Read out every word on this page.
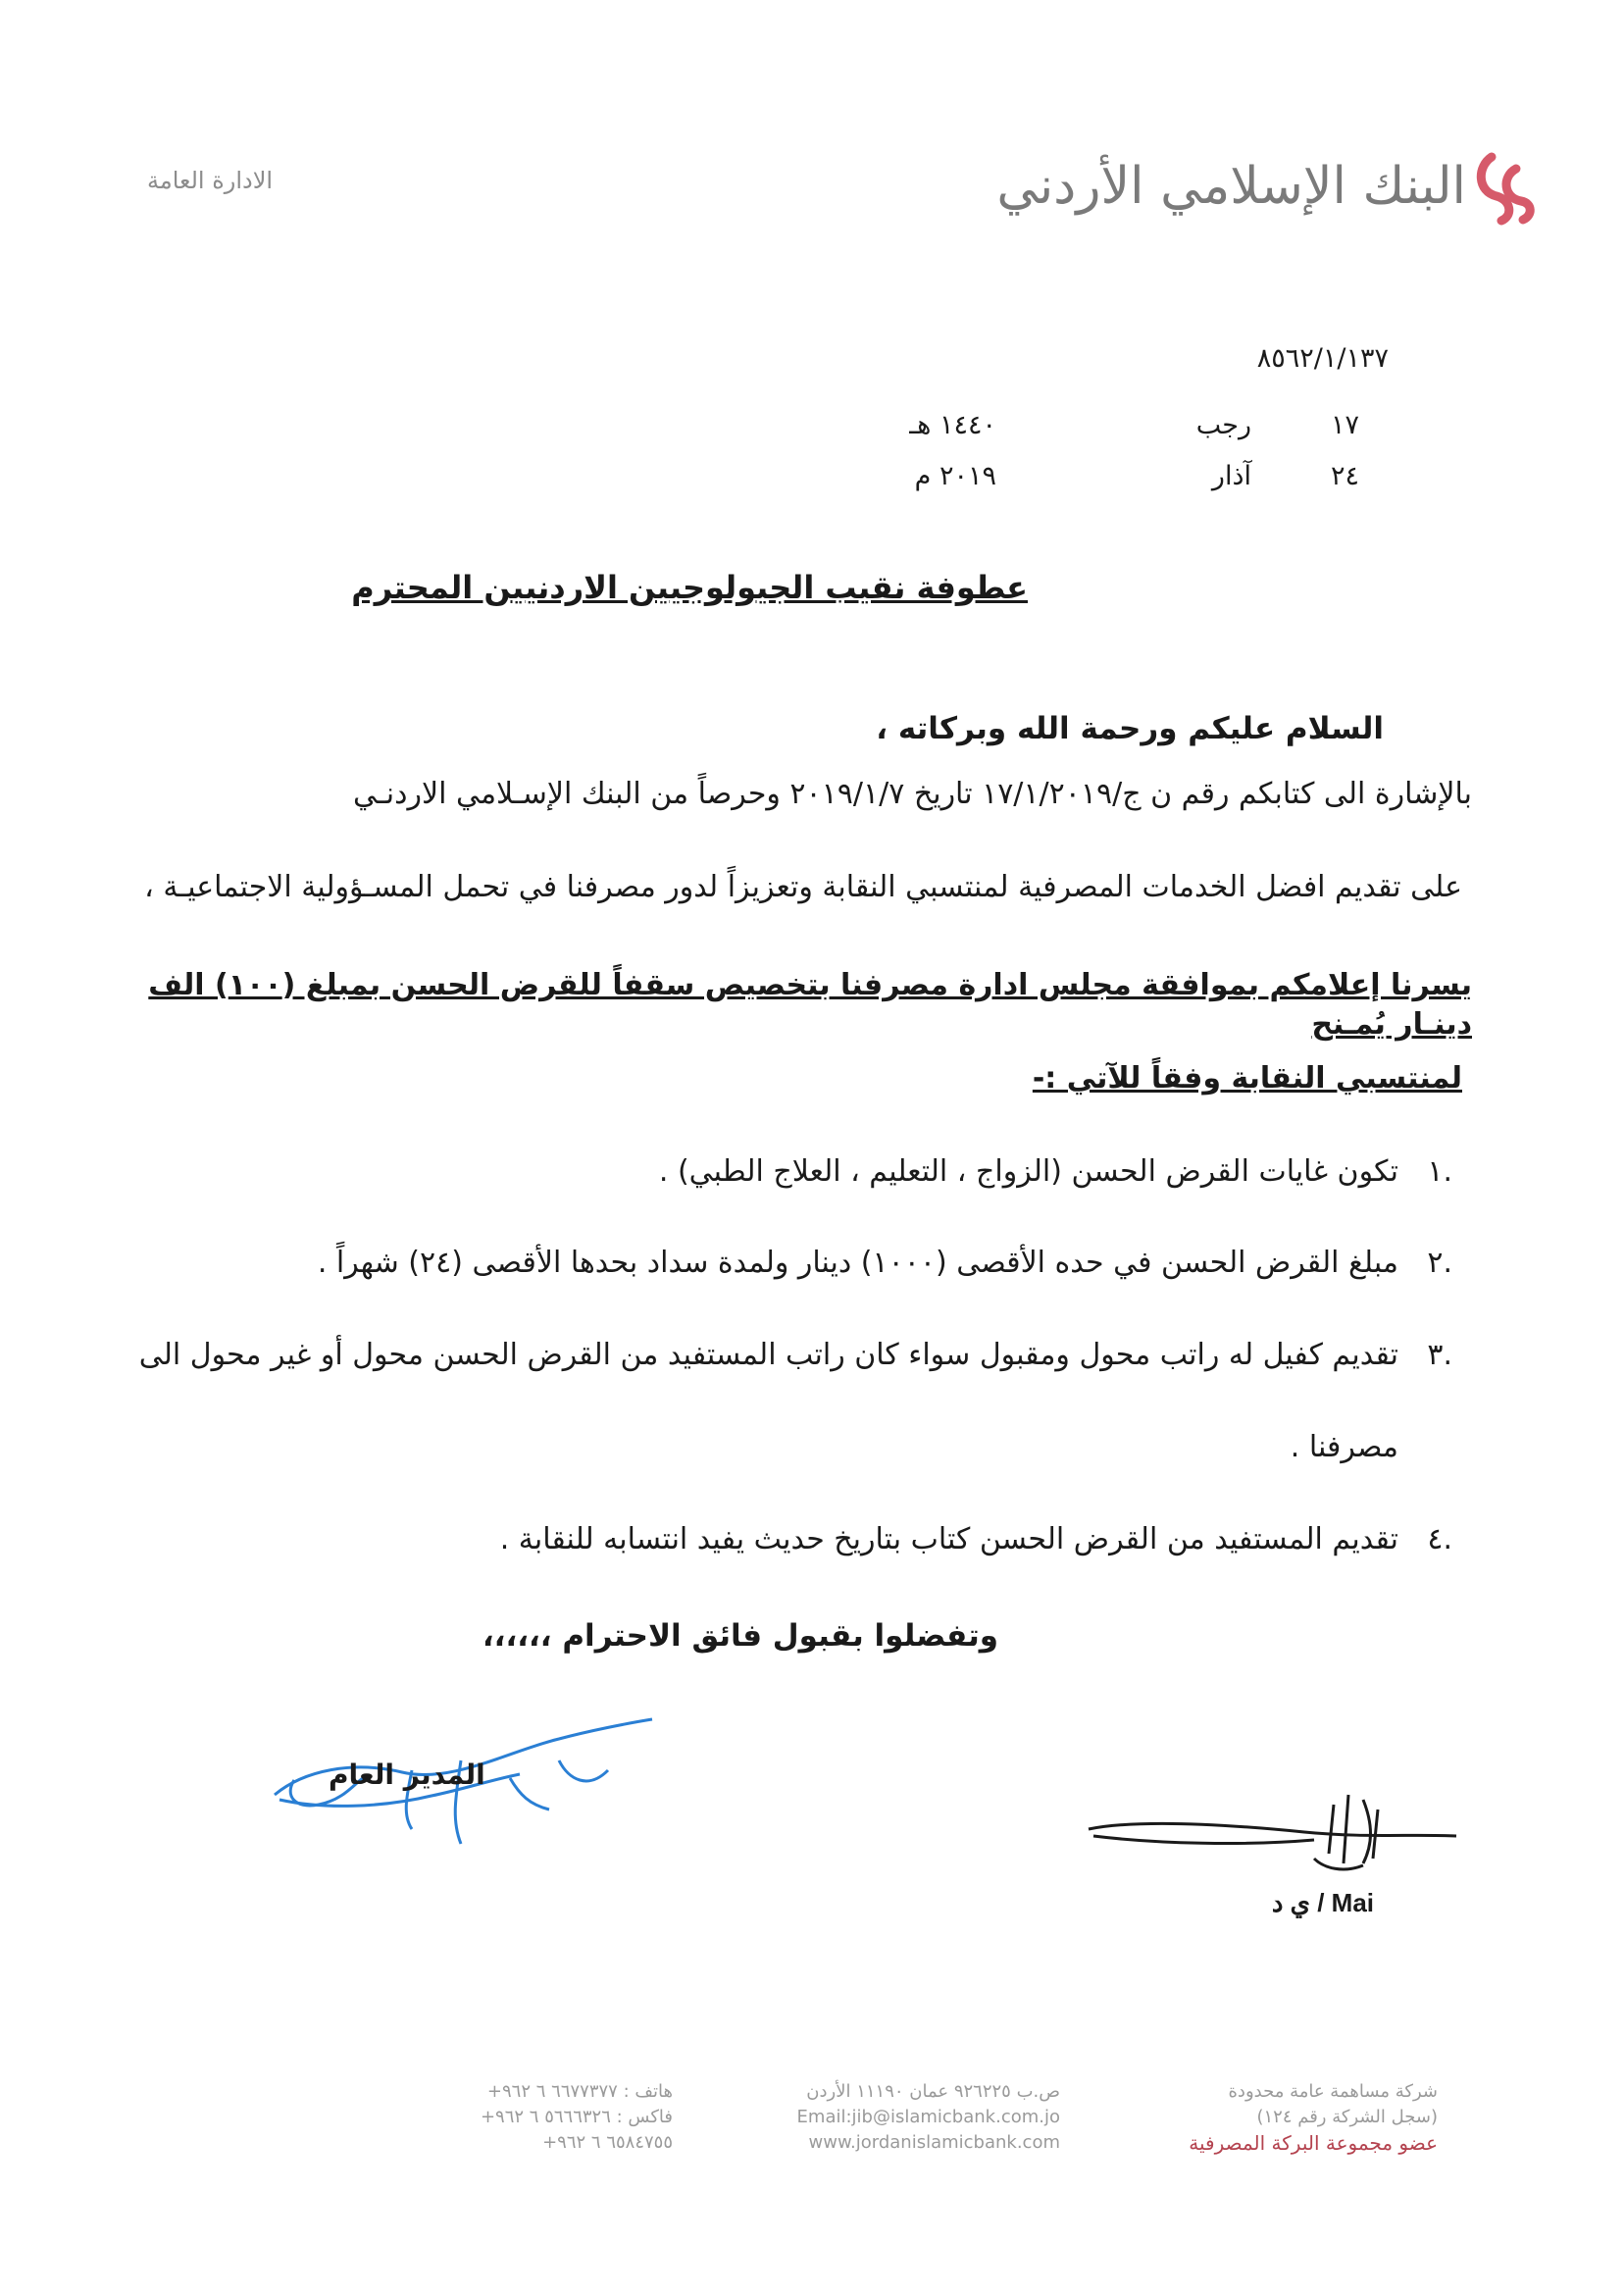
البنك الإسلامي الأردني
الادارة العامة
٨٥٦٢/١/١٣٧
١٧
رجب
١٤٤٠ هـ
٢٤
آذار
٢٠١٩ م
عطوفة نقيب الجيولوجيين الاردنيين المحترم
السلام عليكم ورحمة الله وبركاته ،
بالإشارة الى كتابكم رقم ن ج/١٧/١/٢٠١٩ تاريخ ٢٠١٩/١/٧ وحرصاً من البنك الإسـلامي الاردنـي
على تقديم افضل الخدمات المصرفية لمنتسبي النقابة وتعزيزاً لدور مصرفنا في تحمل المسـؤولية الاجتماعيـة ،
يسرنا إعلامكم بموافقة مجلس ادارة مصرفنا بتخصيص سقفاً للقرض الحسن بمبلغ (١٠٠) الف دينـار يُمـنح
لمنتسبي النقابة وفقاً للآتي :-
.١تكون غايات القرض الحسن (الزواج ، التعليم ، العلاج الطبي) .
.٢مبلغ القرض الحسن في حده الأقصى (١٠٠٠) دينار ولمدة سداد بحدها الأقصى (٢٤) شهراً .
.٣تقديم كفيل له راتب محول ومقبول سواء كان راتب المستفيد من القرض الحسن محول أو غير محول الى
مصرفنا .
.٤تقديم المستفيد من القرض الحسن كتاب بتاريخ حديث يفيد انتسابه للنقابة .
وتفضلوا بقبول فائق الاحترام ،،،،،،
المدير العام
ي د / Mai
شركة مساهمة عامة محدودة
(سجل الشركة رقم ١٢٤)
عضو مجموعة البركة المصرفية
ص.ب ٩٢٦٢٢٥ عمان ١١١٩٠ الأردن
Email:jib@islamicbank.com.jo
www.jordanislamicbank.com
هاتف : ٦٦٧٧٣٧٧ ٦ ٩٦٢+
فاكس : ٥٦٦٦٣٢٦ ٦ ٩٦٢+
٦٥٨٤٧٥٥ ٦ ٩٦٢+
